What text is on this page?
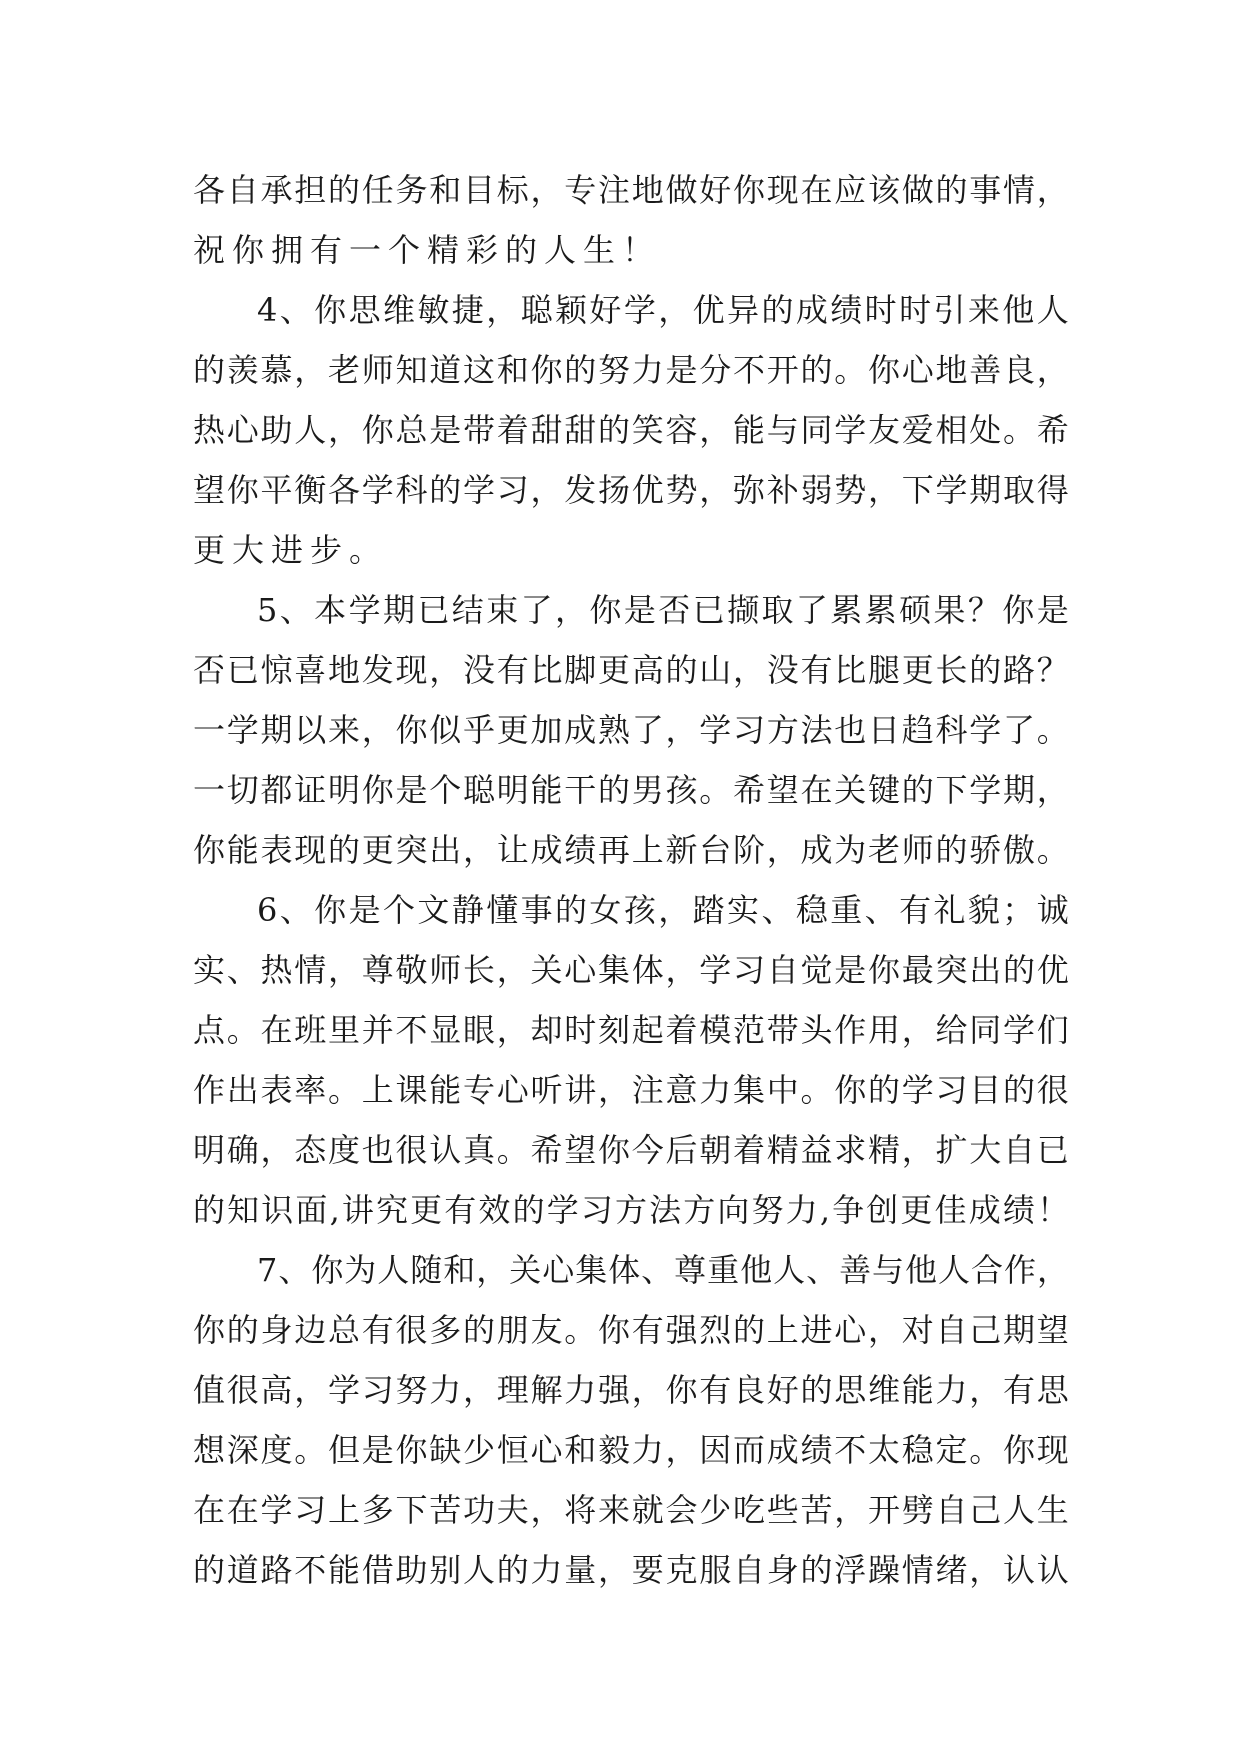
各 自 承 担 的 任 务 和 目 标 ， 专 注 地 做 好 你 现 在 应 该 做 的 事 情 ，
祝你拥有一个精彩的人生！
4 、 你 思 维 敏 捷 ， 聪 颖 好 学 ， 优 异 的 成 绩 时 时 引 来 他 人
的 羡 慕 ， 老 师 知 道 这 和 你 的 努 力 是 分 不 开 的 。 你 心 地 善 良 ，
热 心 助 人 ， 你 总 是 带 着 甜 甜 的 笑 容 ， 能 与 同 学 友 爱 相 处 。 希
望 你 平 衡 各 学 科 的 学 习 ， 发 扬 优 势 ， 弥 补 弱 势 ， 下 学 期 取 得
更大进步。
5 、 本 学 期 已 结 束 了 ， 你 是 否 已 撷 取 了 累 累 硕 果 ？ 你 是
否 已 惊 喜 地 发 现 ， 没 有 比 脚 更 高 的 山 ， 没 有 比 腿 更 长 的 路 ？
一 学 期 以 来 ， 你 似 乎 更 加 成 熟 了 ， 学 习 方 法 也 日 趋 科 学 了 。
一 切 都 证 明 你 是 个 聪 明 能 干 的 男 孩 。 希 望 在 关 键 的 下 学 期 ，
你 能 表 现 的 更 突 出 ， 让 成 绩 再 上 新 台 阶 ， 成 为 老 师 的 骄 傲 。
6 、 你 是 个 文 静 懂 事 的 女 孩 ， 踏 实 、 稳 重 、 有 礼 貌 ； 诚
实 、 热 情 ， 尊 敬 师 长 ， 关 心 集 体 ， 学 习 自 觉 是 你 最 突 出 的 优
点 。 在 班 里 并 不 显 眼 ， 却 时 刻 起 着 模 范 带 头 作 用 ， 给 同 学 们
作 出 表 率 。 上 课 能 专 心 听 讲 ， 注 意 力 集 中 。 你 的 学 习 目 的 很
明 确 ， 态 度 也 很 认 真 。 希 望 你 今 后 朝 着 精 益 求 精 ， 扩 大 自 已
的 知 识 面 , 讲 究 更 有 效 的 学 习 方 法 方 向 努 力 , 争 创 更 佳 成 绩 ！
7 、 你 为 人 随 和 ， 关 心 集 体 、 尊 重 他 人 、 善 与 他 人 合 作 ，
你 的 身 边 总 有 很 多 的 朋 友 。 你 有 强 烈 的 上 进 心 ， 对 自 己 期 望
值 很 高 ， 学 习 努 力 ， 理 解 力 强 ， 你 有 良 好 的 思 维 能 力 ， 有 思
想 深 度 。 但 是 你 缺 少 恒 心 和 毅 力 ， 因 而 成 绩 不 太 稳 定 。 你 现
在 在 学 习 上 多 下 苦 功 夫 ， 将 来 就 会 少 吃 些 苦 ， 开 劈 自 己 人 生
的 道 路 不 能 借 助 别 人 的 力 量 ， 要 克 服 自 身 的 浮 躁 情 绪 ， 认 认
